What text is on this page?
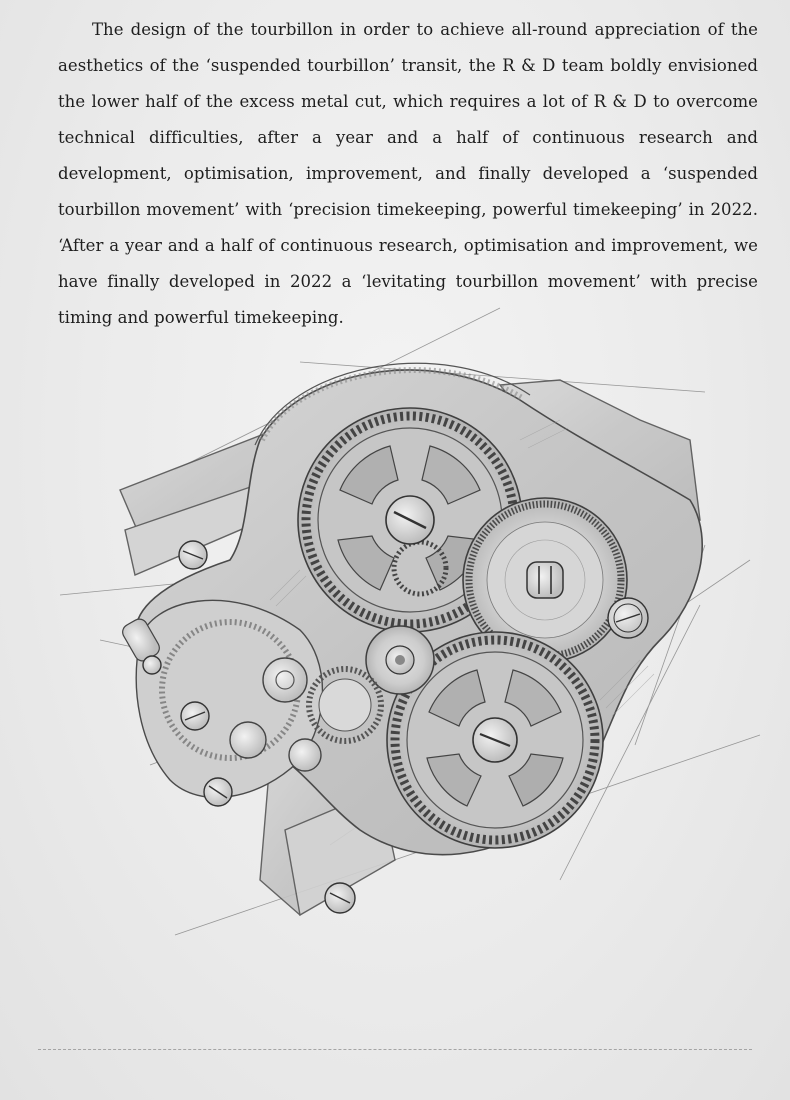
The design of the tourbillon in order to achieve all-round appreciation of the aesthetics of the ‘suspended tourbillon’ transit, the R & D team boldly envisioned the lower half of the excess metal cut, which requires a lot of R & D to overcome technical difficulties, after a year and a half of continuous research and development, optimisation, improvement, and finally developed a ‘suspended tourbillon movement’ with ‘precision timekeeping, powerful timekeeping’ in 2022. ‘After a year and a half of continuous research, optimisation and improvement, we have finally developed in 2022 a ‘levitating tourbillon movement’ with precise timing and powerful timekeeping.
